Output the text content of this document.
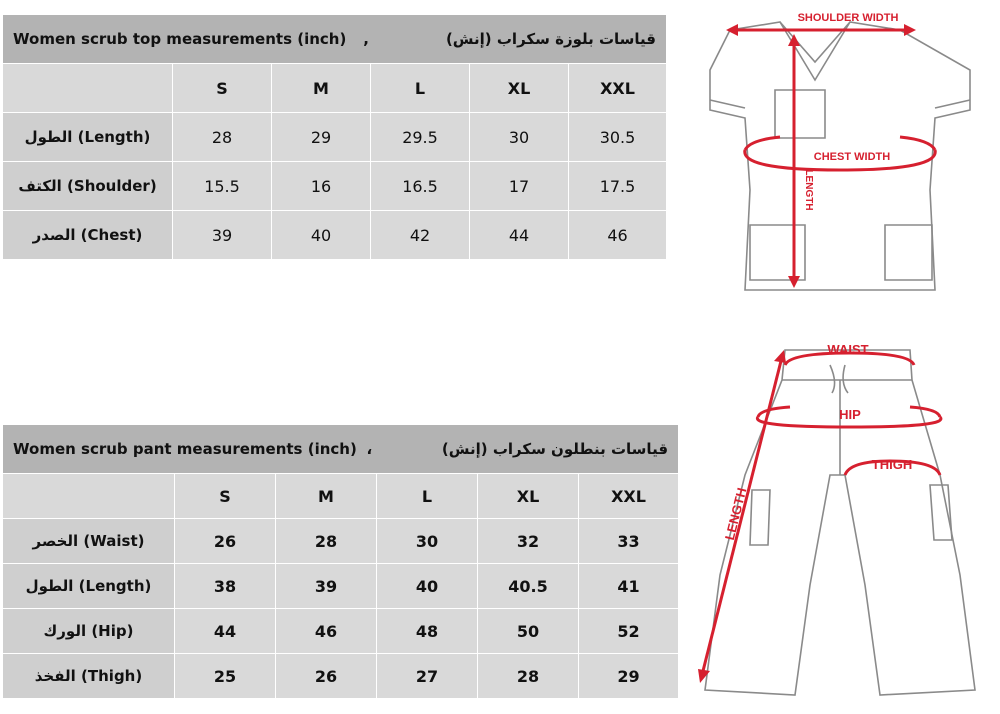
Women scrub top measurements (inch) , قياسات بلوزة سكراب (إنش)					

	S	M	L	XL	XXL
(Length) الطول	28	29	29.5	30	30.5
(Shoulder) الكتف	15.5	16	16.5	17	17.5
(Chest) الصدر	39	40	42	44	46
Women scrub pant measurements (inch) ، قياسات بنطلون سكراب (إنش)					

	S	M	L	XL	XXL
(Waist) الخصر	26	28	30	32	33
(Length) الطول	38	39	40	40.5	41
(Hip) الورك	44	46	48	50	52
(Thigh) الفخذ	25	26	27	28	29
SHOULDER WIDTH
CHEST WIDTH
LENGTH
WAIST
HIP
THIGH
LENGTH
